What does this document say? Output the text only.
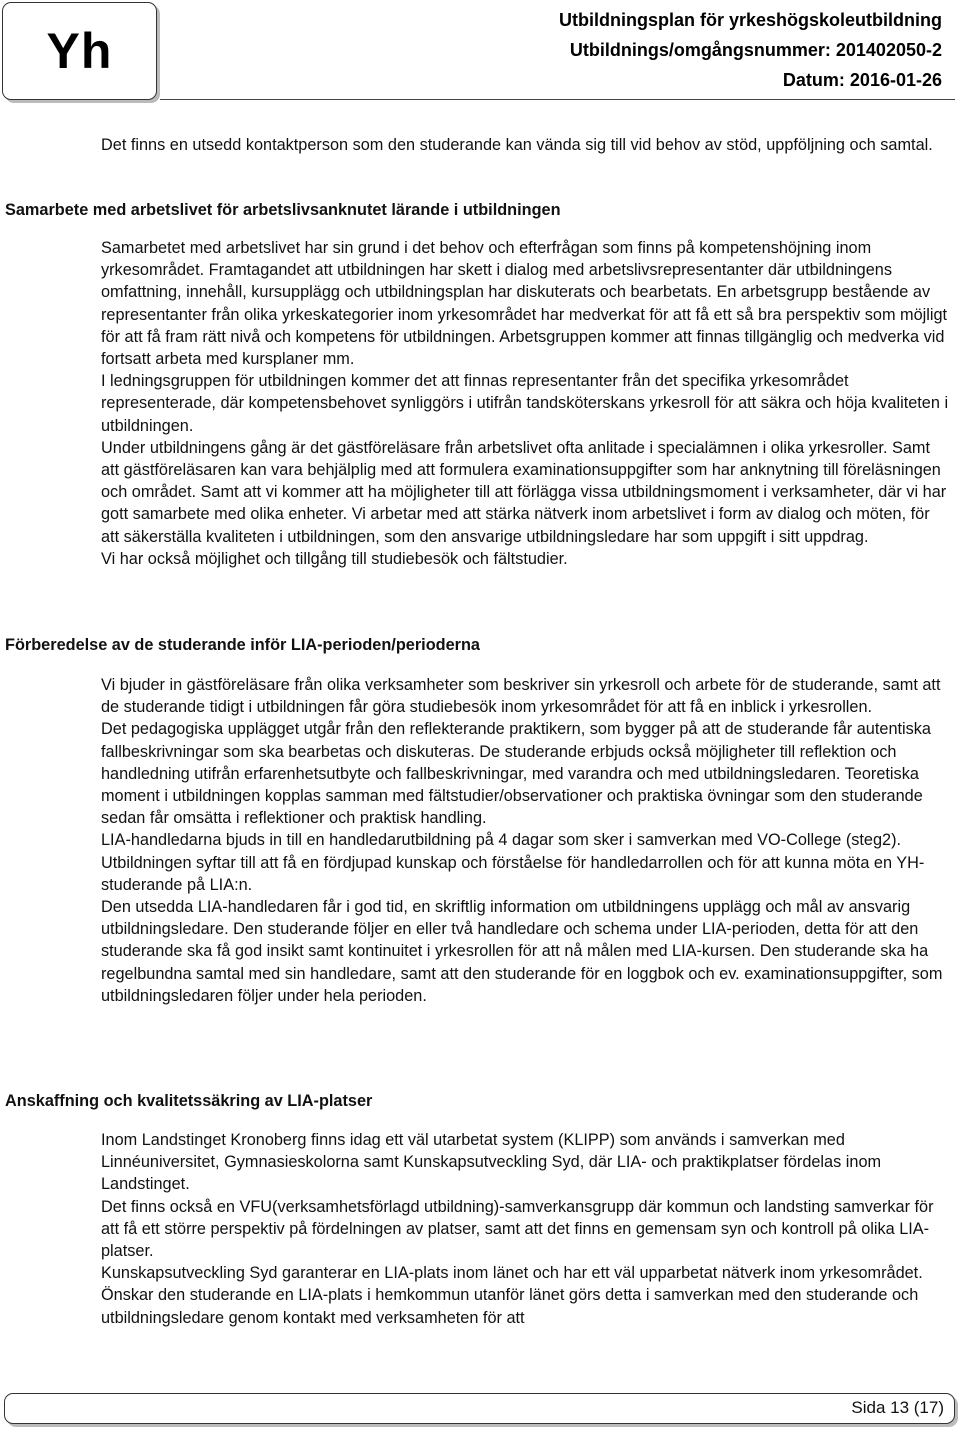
Yh
Utbildningsplan för yrkeshögskoleutbildning
Utbildnings/omgångsnummer: 201402050-2
Datum: 2016-01-26

Det finns en utsedd kontaktperson som den studerande kan vända sig till vid behov av stöd, uppföljning och samtal.

Samarbete med arbetslivet för arbetslivsanknutet lärande i utbildningen

Samarbetet med arbetslivet har sin grund i det behov och efterfrågan som finns på kompetenshöjning inom yrkesområdet. Framtagandet att utbildningen har skett i dialog med arbetslivsrepresentanter där utbildningens omfattning, innehåll, kursupplägg och utbildningsplan har diskuterats och bearbetats. En arbetsgrupp bestående av representanter från olika yrkeskategorier inom yrkesområdet har medverkat för att få ett så bra perspektiv som möjligt för att få fram rätt nivå och kompetens för utbildningen. Arbetsgruppen kommer att finnas tillgänglig och medverka vid fortsatt arbeta med kursplaner mm.

I ledningsgruppen för utbildningen kommer det att finnas representanter från det specifika yrkesområdet representerade, där kompetensbehovet synliggörs i utifrån tandsköterskans yrkesroll för att säkra och höja kvaliteten i utbildningen.

Under utbildningens gång är det gästföreläsare från arbetslivet ofta anlitade i specialämnen i olika yrkesroller. Samt att gästföreläsaren kan vara behjälplig med att formulera examinationsuppgifter som har anknytning till föreläsningen och området. Samt att vi kommer att ha möjligheter till att förlägga vissa utbildningsmoment i verksamheter, där vi har gott samarbete med olika enheter. Vi arbetar med att stärka nätverk inom arbetslivet i form av dialog och möten, för att säkerställa kvaliteten i utbildningen, som den ansvarige utbildningsledare har som uppgift i sitt uppdrag.

Vi har också möjlighet och tillgång till studiebesök och fältstudier.

Förberedelse av de studerande inför LIA-perioden/perioderna

Vi bjuder in gästföreläsare från olika verksamheter som beskriver sin yrkesroll och arbete för de studerande, samt att de studerande tidigt i utbildningen får göra studiebesök inom yrkesområdet för att få en inblick i yrkesrollen.

Det pedagogiska upplägget utgår från den reflekterande praktikern, som bygger på att de studerande får autentiska fallbeskrivningar som ska bearbetas och diskuteras. De studerande erbjuds också möjligheter till reflektion och handledning utifrån erfarenhetsutbyte och fallbeskrivningar, med varandra och med utbildningsledaren. Teoretiska moment i utbildningen kopplas samman med fältstudier/observationer och praktiska övningar som den studerande sedan får omsätta i reflektioner och praktisk handling.

LIA-handledarna bjuds in till en handledarutbildning på 4 dagar som sker i samverkan med VO-College (steg2). Utbildningen syftar till att få en fördjupad kunskap och förståelse för handledarrollen och för att kunna möta en YH-studerande på LIA:n.

Den utsedda LIA-handledaren får i god tid, en skriftlig information om utbildningens upplägg och mål av ansvarig utbildningsledare. Den studerande följer en eller två handledare och schema under LIA-perioden, detta för att den studerande ska få god insikt samt kontinuitet i yrkesrollen för att nå målen med LIA-kursen. Den studerande ska ha regelbundna samtal med sin handledare, samt att den studerande för en loggbok och ev. examinationsuppgifter, som utbildningsledaren följer under hela perioden.

Anskaffning och kvalitetssäkring av LIA-platser

Inom Landstinget Kronoberg finns idag ett väl utarbetat system (KLIPP) som används i samverkan med Linnéuniversitet, Gymnasieskolorna samt Kunskapsutveckling Syd, där LIA- och praktikplatser fördelas inom Landstinget.

Det finns också en VFU(verksamhetsförlagd utbildning)-samverkansgrupp där kommun och landsting samverkar för att få ett större perspektiv på fördelningen av platser, samt att det finns en gemensam syn och kontroll på olika LIA-platser.

Kunskapsutveckling Syd garanterar en LIA-plats inom länet och har ett väl upparbetat nätverk inom yrkesområdet. Önskar den studerande en LIA-plats i hemkommun utanför länet görs detta i samverkan med den studerande och utbildningsledare genom kontakt med verksamheten för att

Sida 13 (17)
